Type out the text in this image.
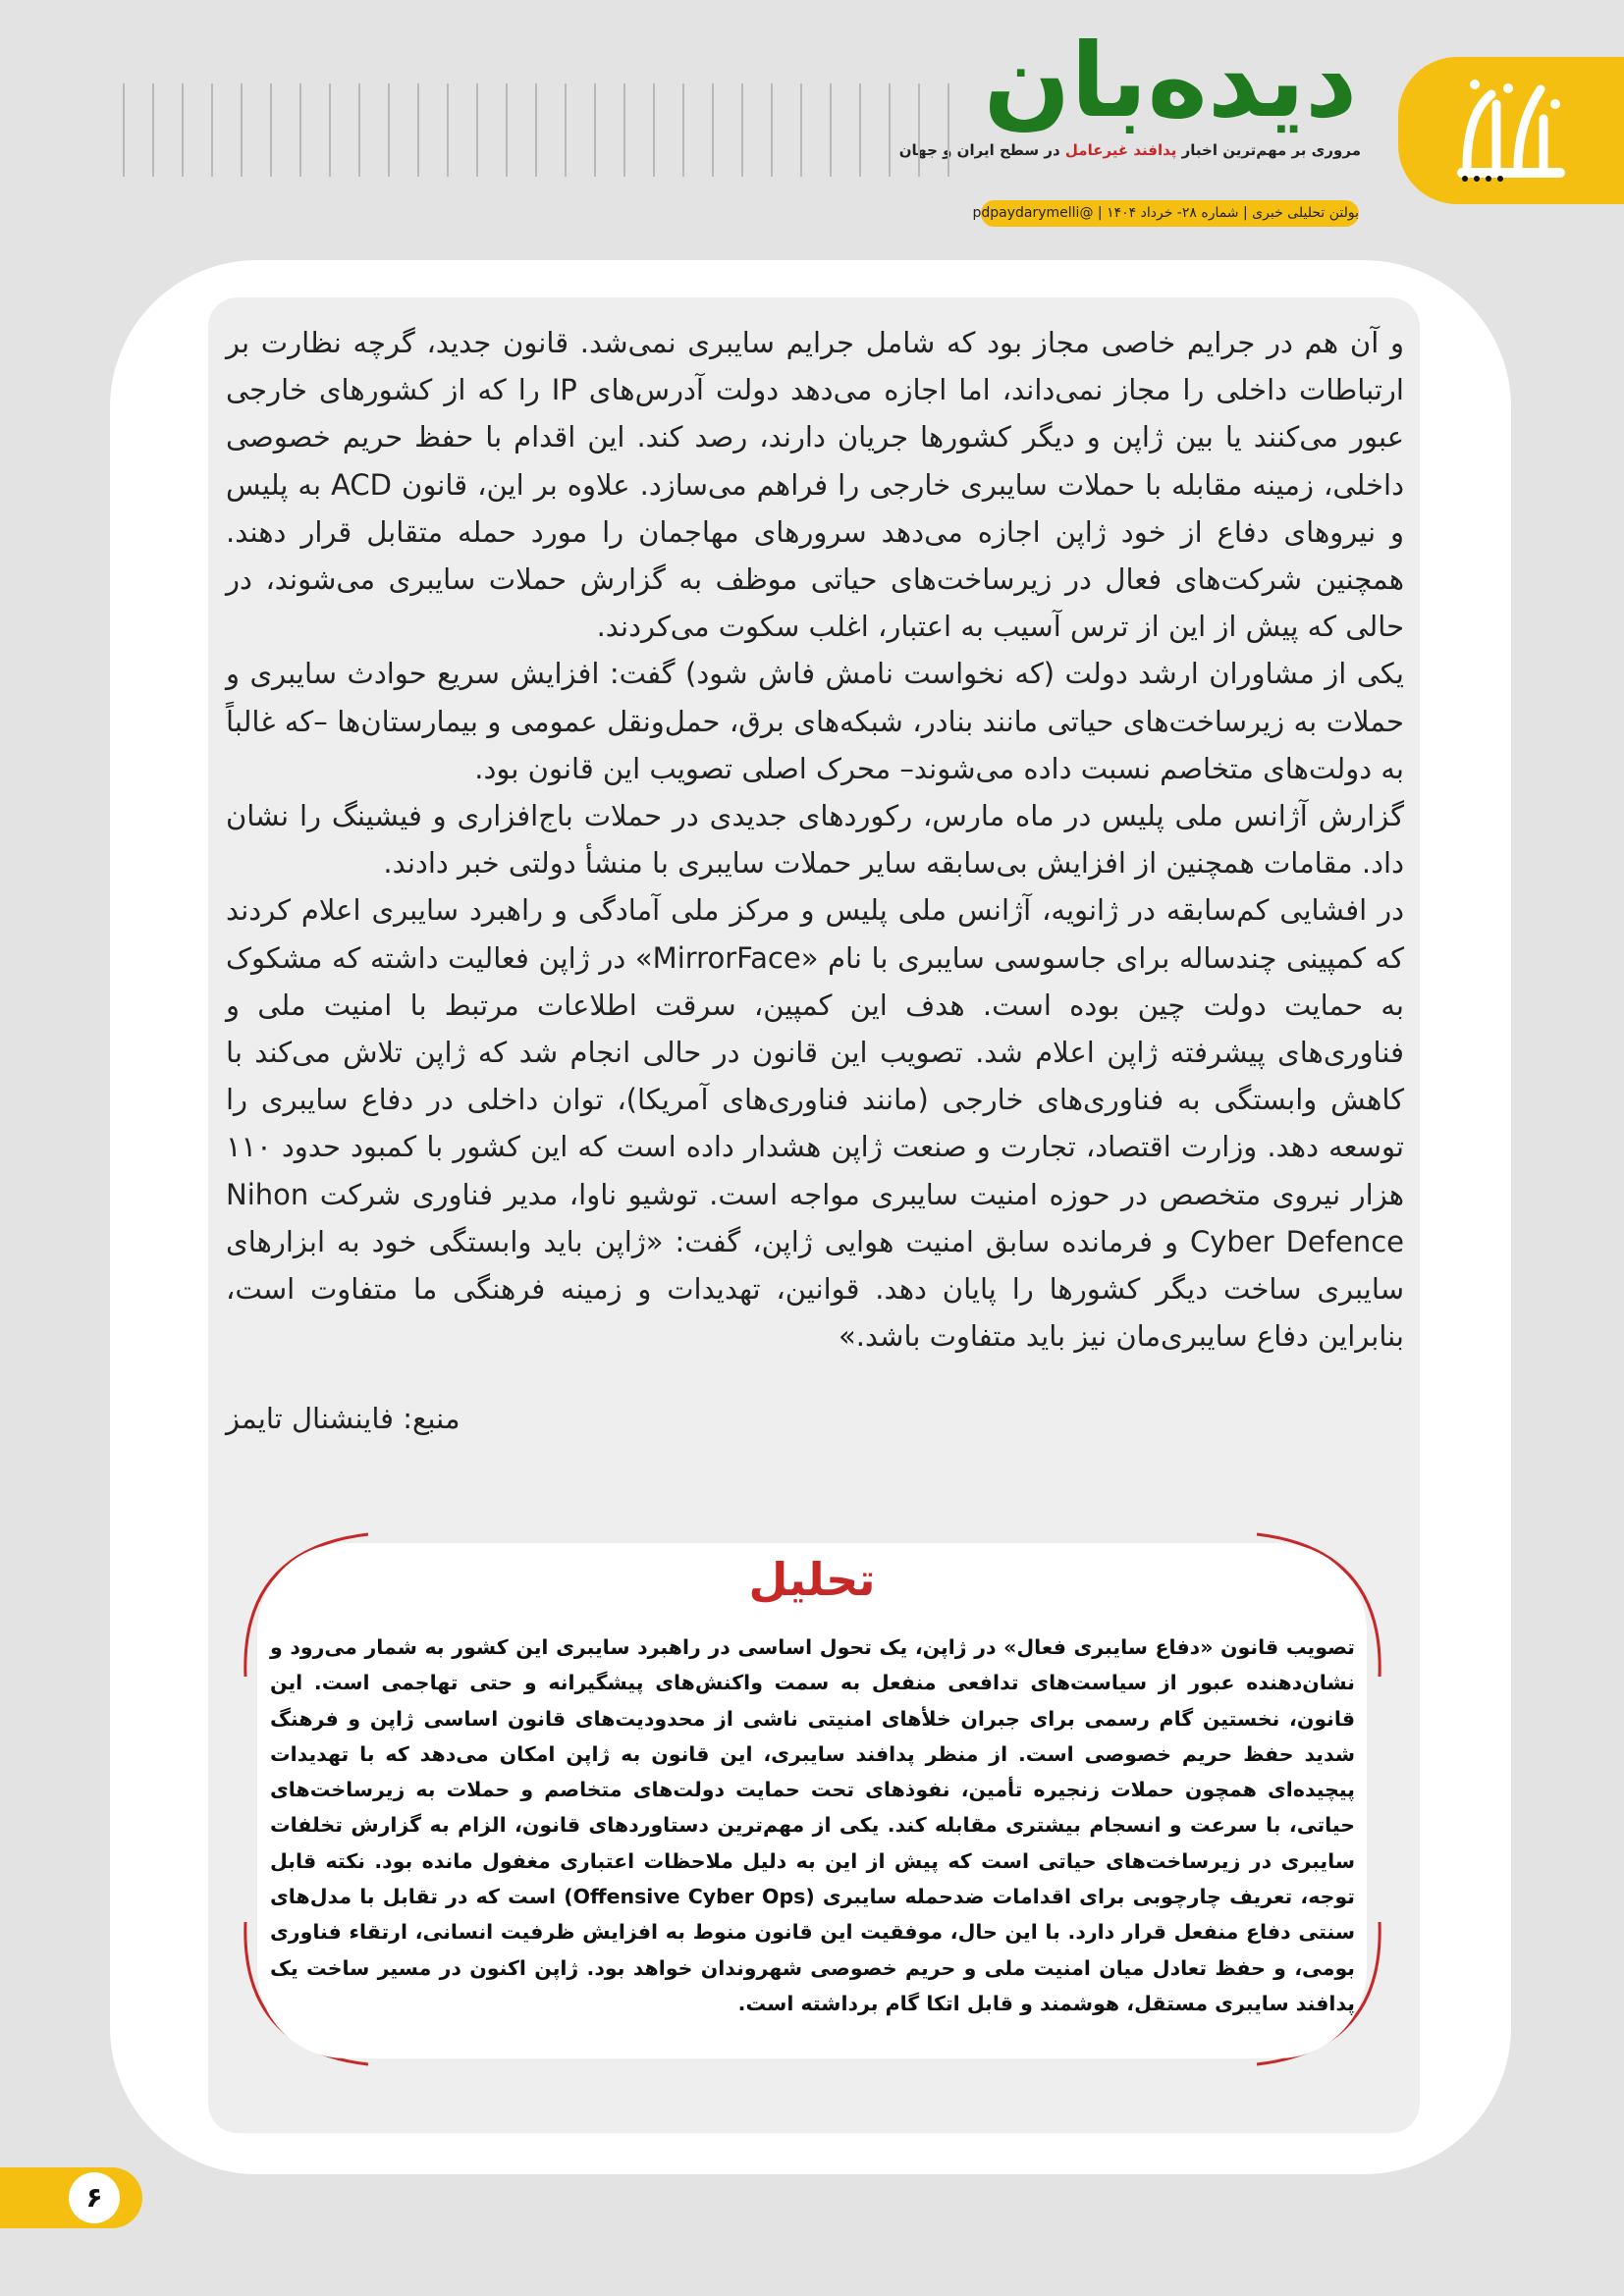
دیده‌بان
مروری بر مهم‌ترین اخبار پدافند غیرعامل در سطح ایران و جهان
بولتن تحلیلی خبری | شماره ۲۸- خرداد ۱۴۰۴ | @pdpaydarymelli

و آن هم در جرایم خاصی مجاز بود که شامل جرایم سایبری نمی‌شد. قانون جدید، گرچه نظارت بر ارتباطات داخلی را مجاز نمی‌داند، اما اجازه می‌دهد دولت آدرس‌های IP را که از کشورهای خارجی عبور می‌کنند یا بین ژاپن و دیگر کشورها جریان دارند، رصد کند. این اقدام با حفظ حریم خصوصی داخلی، زمینه مقابله با حملات سایبری خارجی را فراهم می‌سازد. علاوه بر این، قانون ACD به پلیس و نیروهای دفاع از خود ژاپن اجازه می‌دهد سرورهای مهاجمان را مورد حمله متقابل قرار دهند. همچنین شرکت‌های فعال در زیرساخت‌های حیاتی موظف به گزارش حملات سایبری می‌شوند، در حالی که پیش از این از ترس آسیب به اعتبار، اغلب سکوت می‌کردند.

یکی از مشاوران ارشد دولت (که نخواست نامش فاش شود) گفت: افزایش سریع حوادث سایبری و حملات به زیرساخت‌های حیاتی مانند بنادر، شبکه‌های برق، حمل‌ونقل عمومی و بیمارستان‌ها –که غالباً به دولت‌های متخاصم نسبت داده می‌شوند– محرک اصلی تصویب این قانون بود.

گزارش آژانس ملی پلیس در ماه مارس، رکوردهای جدیدی در حملات باج‌افزاری و فیشینگ را نشان داد. مقامات همچنین از افزایش بی‌سابقه سایر حملات سایبری با منشأ دولتی خبر دادند.

در افشایی کم‌سابقه در ژانویه، آژانس ملی پلیس و مرکز ملی آمادگی و راهبرد سایبری اعلام کردند که کمپینی چندساله برای جاسوسی سایبری با نام «MirrorFace» در ژاپن فعالیت داشته که مشکوک به حمایت دولت چین بوده است. هدف این کمپین، سرقت اطلاعات مرتبط با امنیت ملی و فناوری‌های پیشرفته ژاپن اعلام شد. تصویب این قانون در حالی انجام شد که ژاپن تلاش می‌کند با کاهش وابستگی به فناوری‌های خارجی (مانند فناوری‌های آمریکا)، توان داخلی در دفاع سایبری را توسعه دهد. وزارت اقتصاد، تجارت و صنعت ژاپن هشدار داده است که این کشور با کمبود حدود ۱۱۰ هزار نیروی متخصص در حوزه امنیت سایبری مواجه است. توشیو ناوا، مدیر فناوری شرکت Nihon Cyber Defence و فرمانده سابق امنیت هوایی ژاپن، گفت: «ژاپن باید وابستگی خود به ابزارهای سایبری ساخت دیگر کشورها را پایان دهد. قوانین، تهدیدات و زمینه فرهنگی ما متفاوت است، بنابراین دفاع سایبری‌مان نیز باید متفاوت باشد.»

منبع: فاینشنال تایمز
تحلیل
تصویب قانون «دفاع سایبری فعال» در ژاپن، یک تحول اساسی در راهبرد سایبری این کشور به شمار می‌رود و نشان‌دهنده عبور از سیاست‌های تدافعی منفعل به سمت واکنش‌های پیشگیرانه و حتی تهاجمی است. این قانون، نخستین گام رسمی برای جبران خلأهای امنیتی ناشی از محدودیت‌های قانون اساسی ژاپن و فرهنگ شدید حفظ حریم خصوصی است. از منظر پدافند سایبری، این قانون به ژاپن امکان می‌دهد که با تهدیدات پیچیده‌ای همچون حملات زنجیره تأمین، نفوذهای تحت حمایت دولت‌های متخاصم و حملات به زیرساخت‌های حیاتی، با سرعت و انسجام بیشتری مقابله کند. یکی از مهم‌ترین دستاوردهای قانون، الزام به گزارش تخلفات سایبری در زیرساخت‌های حیاتی است که پیش از این به دلیل ملاحظات اعتباری مغفول مانده بود. نکته قابل توجه، تعریف چارچوبی برای اقدامات ضدحمله سایبری (Offensive Cyber Ops) است که در تقابل با مدل‌های سنتی دفاع منفعل قرار دارد. با این حال، موفقیت این قانون منوط به افزایش ظرفیت انسانی، ارتقاء فناوری بومی، و حفظ تعادل میان امنیت ملی و حریم خصوصی شهروندان خواهد بود. ژاپن اکنون در مسیر ساخت یک پدافند سایبری مستقل، هوشمند و قابل اتکا گام برداشته است.
۶
